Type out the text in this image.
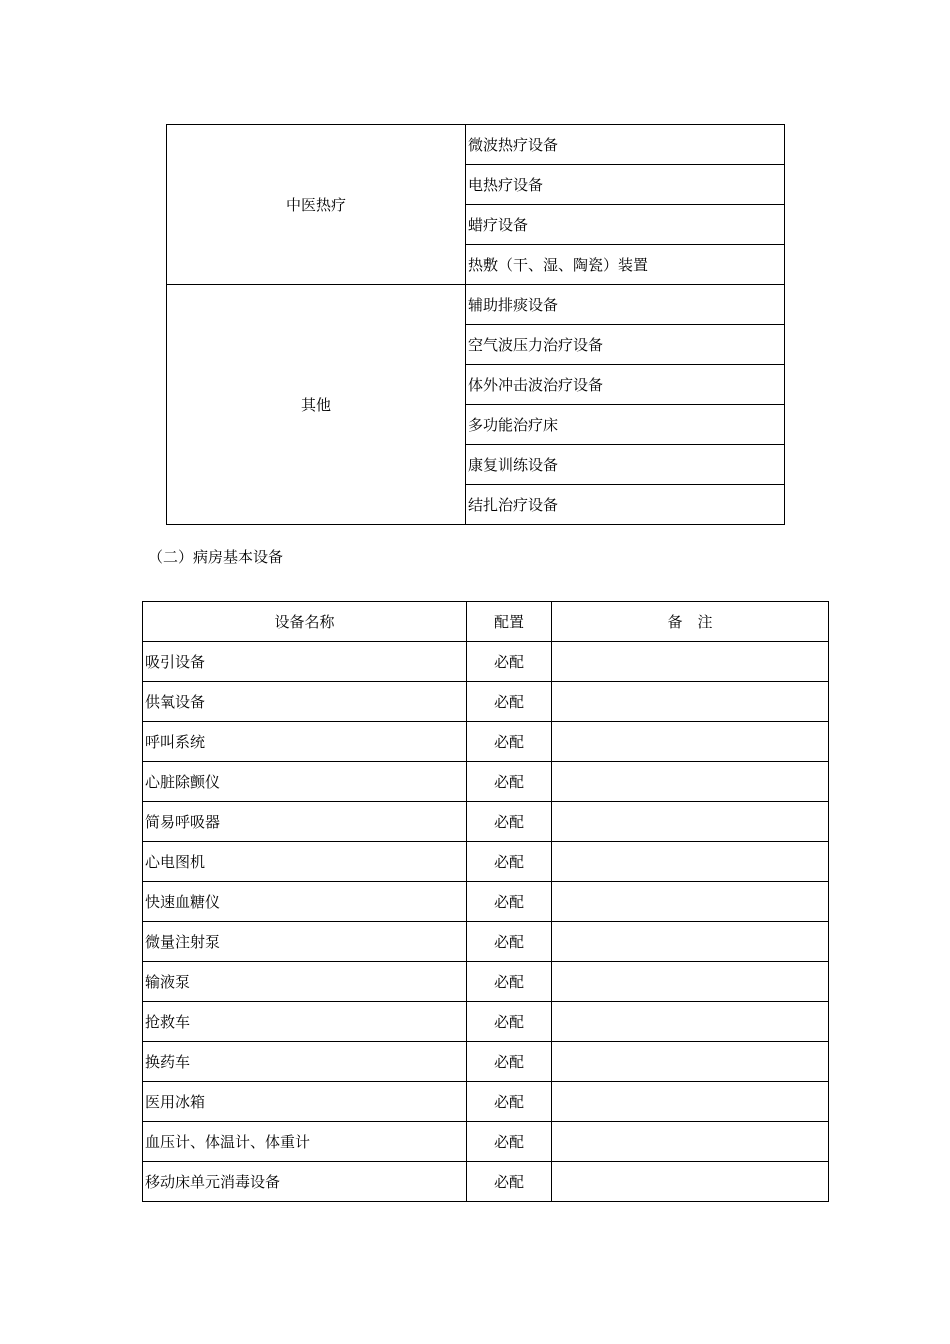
中医热疗	微波热疗设备
	电热疗设备
	蜡疗设备
	热敷（干、湿、陶瓷）装置
其他	辅助排痰设备
	空气波压力治疗设备
	体外冲击波治疗设备
	多功能治疗床
	康复训练设备
	结扎治疗设备

（二）病房基本设备

设备名称	配置	备注
吸引设备	必配	
供氧设备	必配	
呼叫系统	必配	
心脏除颤仪	必配	
简易呼吸器	必配	
心电图机	必配	
快速血糖仪	必配	
微量注射泵	必配	
输液泵	必配	
抢救车	必配	
换药车	必配	
医用冰箱	必配	
血压计、体温计、体重计	必配	
移动床单元消毒设备	必配	
